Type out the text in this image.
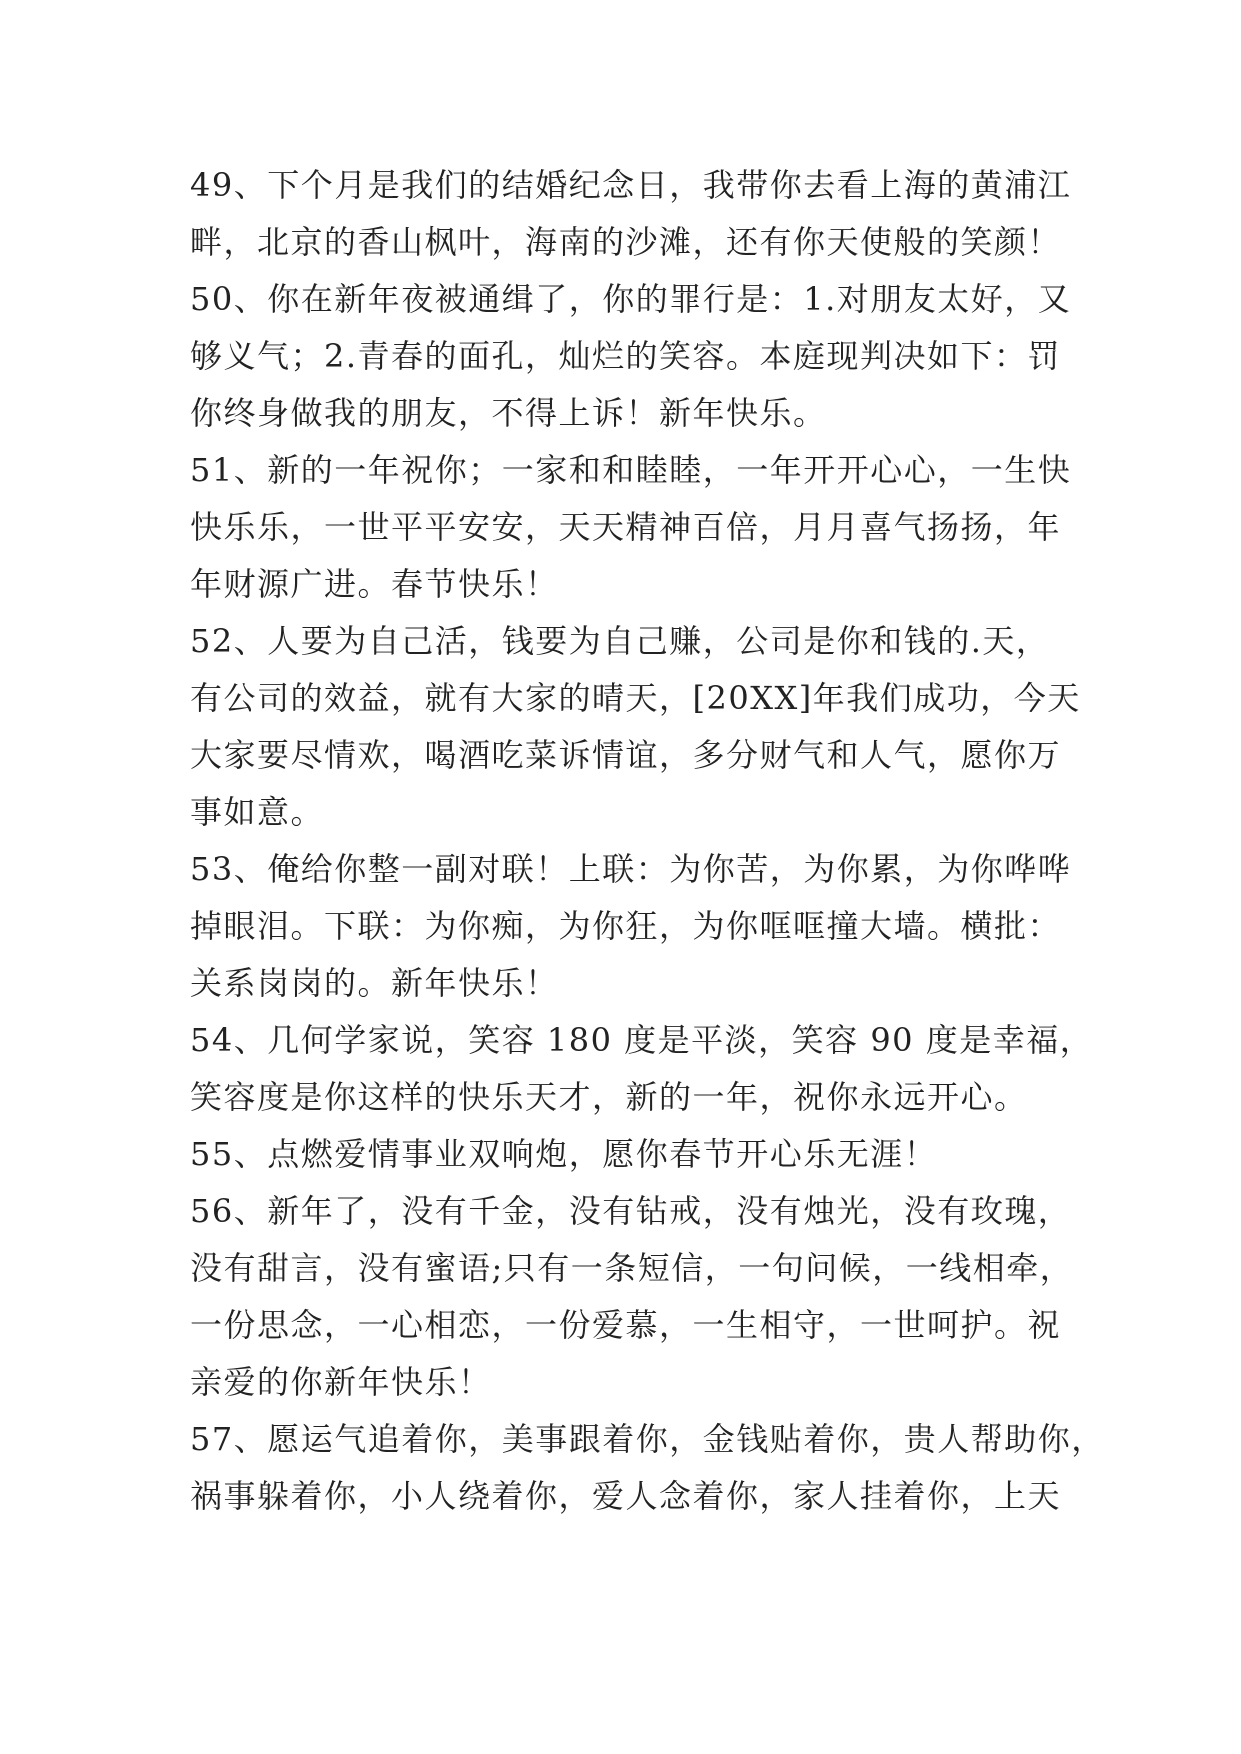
49、下个月是我们的结婚纪念日，我带你去看上海的黄浦江
畔，北京的香山枫叶，海南的沙滩，还有你天使般的笑颜！
50、你在新年夜被通缉了，你的罪行是：1.对朋友太好，又
够义气；2.青春的面孔，灿烂的笑容。本庭现判决如下：罚
你终身做我的朋友，不得上诉！新年快乐。
51、新的一年祝你；一家和和睦睦，一年开开心心，一生快
快乐乐，一世平平安安，天天精神百倍，月月喜气扬扬，年
年财源广进。春节快乐！
52、人要为自己活，钱要为自己赚，公司是你和钱的.天，
有公司的效益，就有大家的晴天，[20XX]年我们成功，今天
大家要尽情欢，喝酒吃菜诉情谊，多分财气和人气，愿你万
事如意。
53、俺给你整一副对联！上联：为你苦，为你累，为你哗哗
掉眼泪。下联：为你痴，为你狂，为你哐哐撞大墙。横批：
关系岗岗的。新年快乐！
54、几何学家说，笑容 180 度是平淡，笑容 90 度是幸福，
笑容度是你这样的快乐天才，新的一年，祝你永远开心。
55、点燃爱情事业双响炮，愿你春节开心乐无涯！
56、新年了，没有千金，没有钻戒，没有烛光，没有玫瑰，
没有甜言，没有蜜语;只有一条短信，一句问候，一线相牵，
一份思念，一心相恋，一份爱慕，一生相守，一世呵护。祝
亲爱的你新年快乐！
57、愿运气追着你，美事跟着你，金钱贴着你，贵人帮助你，
祸事躲着你，小人绕着你，爱人念着你，家人挂着你，上天
